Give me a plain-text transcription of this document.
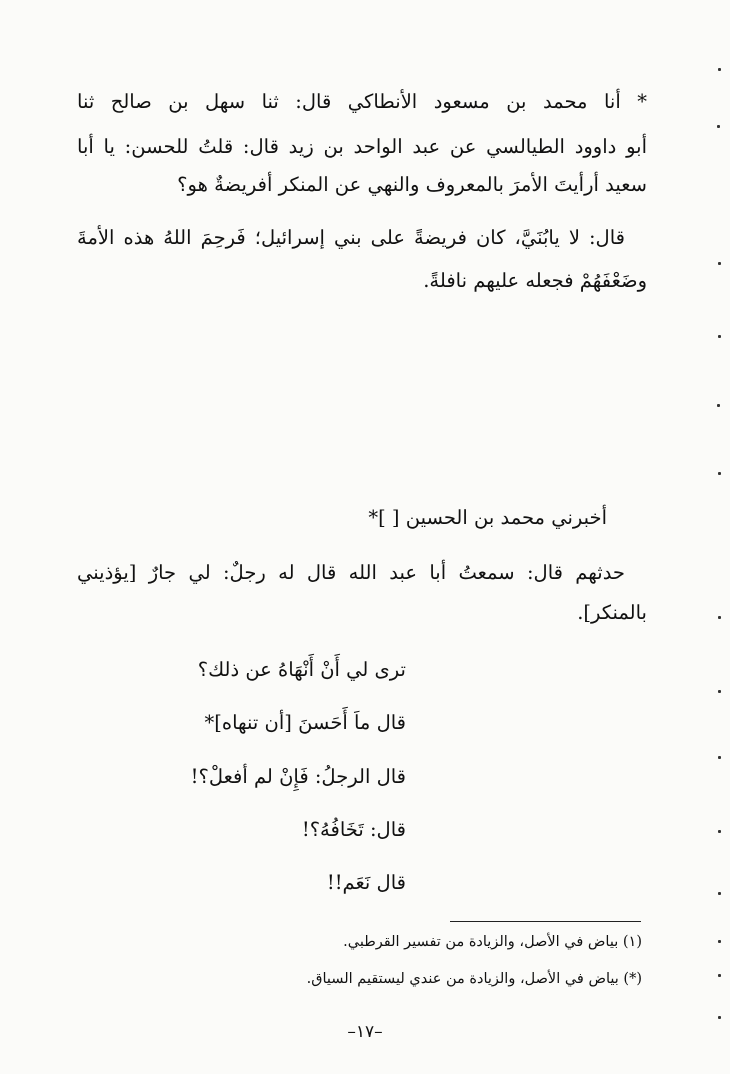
* أنا محمد بن مسعود الأنطاكي قال: ثنا سهل بن صالح ثنا
أبو داوود الطيالسي عن عبد الواحد بن زيد قال: قلتُ للحسن: يا أبا
سعيد أرأيتَ الأمرَ بالمعروف والنهي عن المنكر أفريضةٌ هو؟
قال: لا يابُنَيَّ، كان فريضةً على بني إسرائيل؛ فَرحِمَ اللهُ هذه الأمةَ
وضَعْفَهُمْ فجعله عليهم نافلةً.
أخبرني محمد بن الحسين [ ]*
حدثهم قال: سمعتُ أبا عبد الله قال له رجلٌ: لي جارٌ [يؤذيني
بالمنكر].
ترى لي أَنْ أَنْهَاهُ عن ذلك؟
قال ماَ أَحَسنَ [أن تنهاه]*
قال الرجلُ: فَإِنْ لم أفعلْ؟!
قال: تَخَافُهُ؟!
قال نَعَم!!
(١) بياض في الأصل، والزيادة من تفسير القرطبي.
(*) بياض في الأصل، والزيادة من عندي ليستقيم السياق.
–١٧–
